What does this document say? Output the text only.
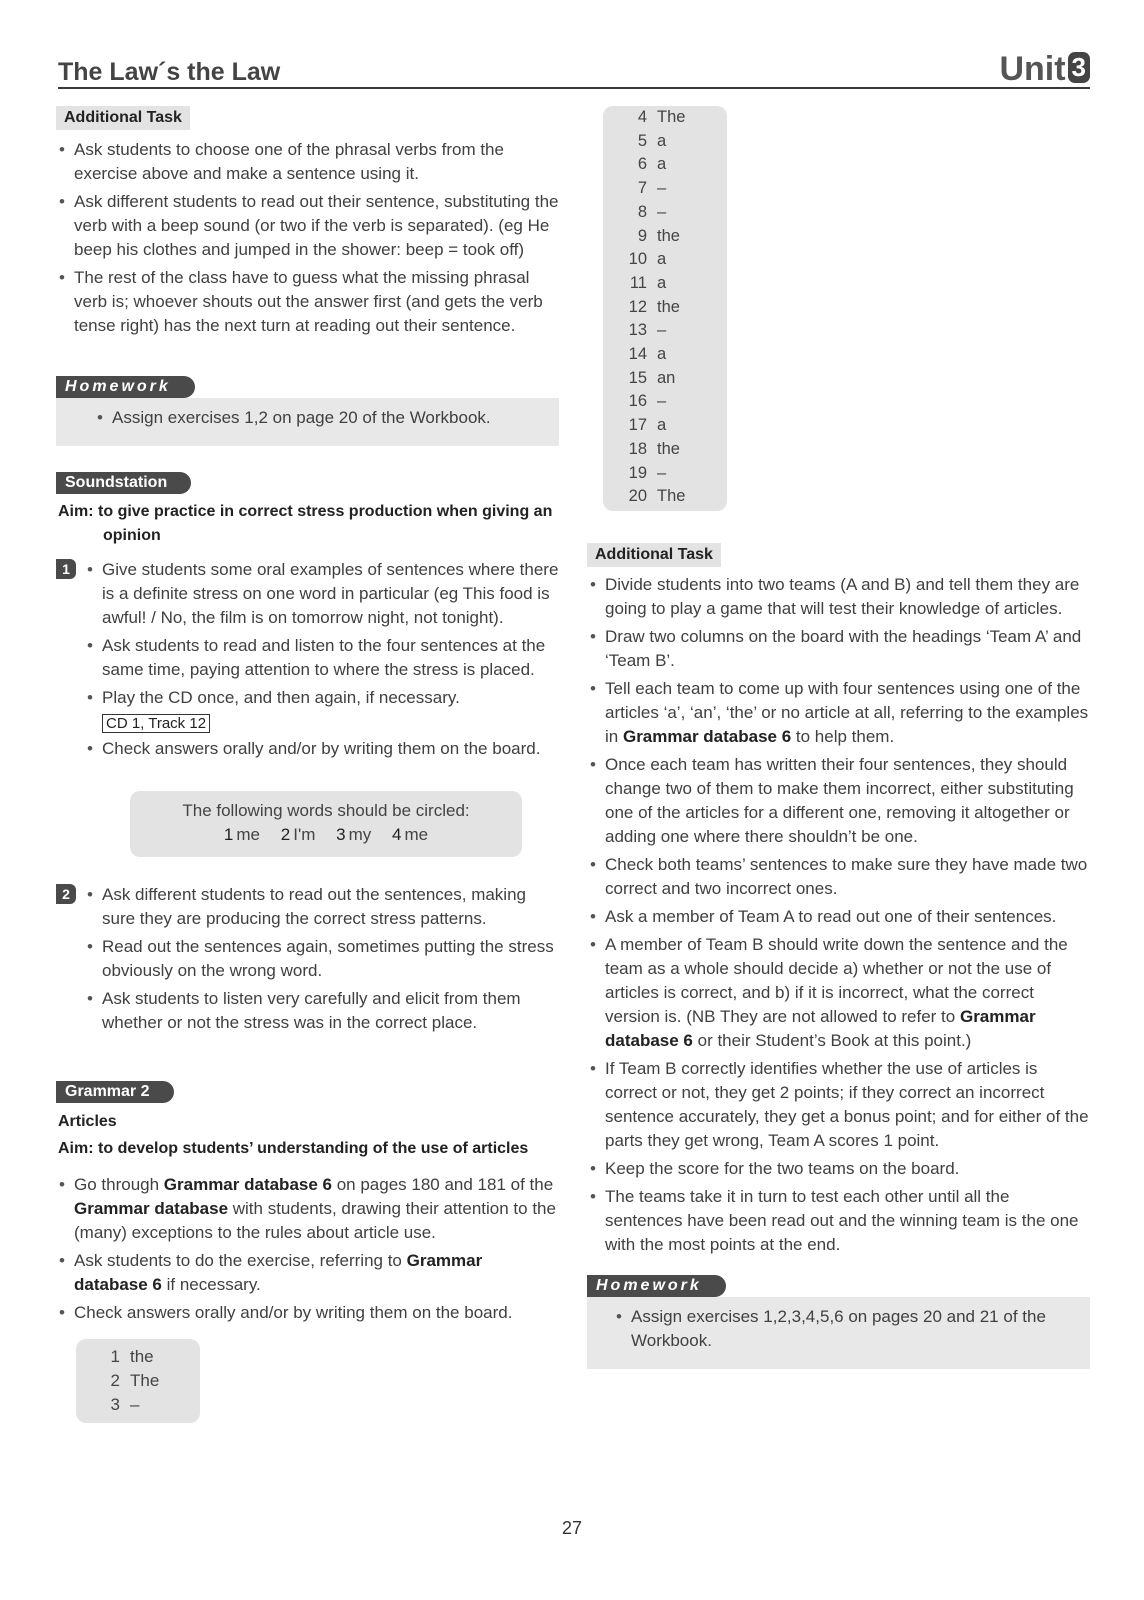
The Law´s the Law	Unit 3
Additional Task
• Ask students to choose one of the phrasal verbs from the exercise above and make a sentence using it.
• Ask different students to read out their sentence, substituting the verb with a beep sound (or two if the verb is separated). (eg He beep his clothes and jumped in the shower: beep = took off)
• The rest of the class have to guess what the missing phrasal verb is; whoever shouts out the answer first (and gets the verb tense right) has the next turn at reading out their sentence.
Homework
• Assign exercises 1,2 on page 20 of the Workbook.
Soundstation
Aim: to give practice in correct stress production when giving an opinion
1	• Give students some oral examples of sentences where there is a definite stress on one word in particular (eg This food is awful! / No, the film is on tomorrow night, not tonight).
• Ask students to read and listen to the four sentences at the same time, paying attention to where the stress is placed.
• Play the CD once, and then again, if necessary.
CD 1, Track 12
• Check answers orally and/or by writing them on the board.
The following words should be circled:
1 me 2 I'm 3 my 4 me
2	• Ask different students to read out the sentences, making sure they are producing the correct stress patterns.
• Read out the sentences again, sometimes putting the stress obviously on the wrong word.
• Ask students to listen very carefully and elicit from them whether or not the stress was in the correct place.
Grammar 2
Articles
Aim: to develop students’ understanding of the use of articles
• Go through Grammar database 6 on pages 180 and 181 of the Grammar database with students, drawing their attention to the (many) exceptions to the rules about article use.
• Ask students to do the exercise, referring to Grammar database 6 if necessary.
• Check answers orally and/or by writing them on the board.
1 the
2 The
3 –
4 The
5 a
6 a
7 –
8 –
9 the
10 a
11 a
12 the
13 –
14 a
15 an
16 –
17 a
18 the
19 –
20 The
Additional Task
• Divide students into two teams (A and B) and tell them they are going to play a game that will test their knowledge of articles.
• Draw two columns on the board with the headings ‘Team A’ and ‘Team B’.
• Tell each team to come up with four sentences using one of the articles ‘a’, ‘an’, ‘the’ or no article at all, referring to the examples in Grammar database 6 to help them.
• Once each team has written their four sentences, they should change two of them to make them incorrect, either substituting one of the articles for a different one, removing it altogether or adding one where there shouldn’t be one.
• Check both teams’ sentences to make sure they have made two correct and two incorrect ones.
• Ask a member of Team A to read out one of their sentences.
• A member of Team B should write down the sentence and the team as a whole should decide a) whether or not the use of articles is correct, and b) if it is incorrect, what the correct version is. (NB They are not allowed to refer to Grammar database 6 or their Student’s Book at this point.)
• If Team B correctly identifies whether the use of articles is correct or not, they get 2 points; if they correct an incorrect sentence accurately, they get a bonus point; and for either of the parts they get wrong, Team A scores 1 point.
• Keep the score for the two teams on the board.
• The teams take it in turn to test each other until all the sentences have been read out and the winning team is the one with the most points at the end.
Homework
• Assign exercises 1,2,3,4,5,6 on pages 20 and 21 of the Workbook.
27
